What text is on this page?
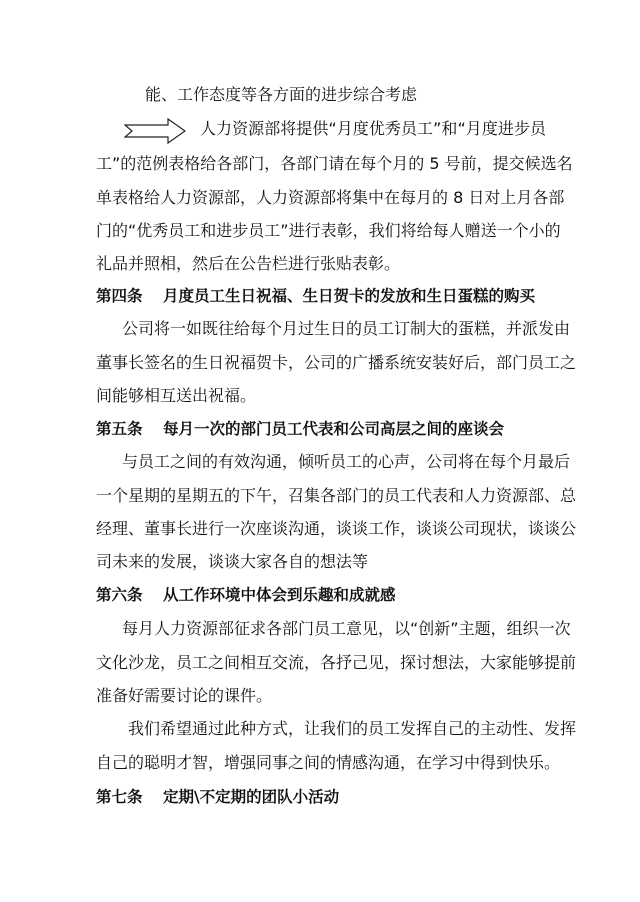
能、工作态度等各方面的进步综合考虑
人力资源部将提供“月度优秀员工”和“月度进步员
工”的范例表格给各部门，各部门请在每个月的 5 号前，提交候选名
单表格给人力资源部，人力资源部将集中在每月的 8 日对上月各部
门的“优秀员工和进步员工”进行表彰，我们将给每人赠送一个小的
礼品并照相，然后在公告栏进行张贴表彰。
第四条 月度员工生日祝福、生日贺卡的发放和生日蛋糕的购买
公司将一如既往给每个月过生日的员工订制大的蛋糕，并派发由
董事长签名的生日祝福贺卡，公司的广播系统安装好后，部门员工之
间能够相互送出祝福。
第五条 每月一次的部门员工代表和公司高层之间的座谈会
与员工之间的有效沟通，倾听员工的心声，公司将在每个月最后
一个星期的星期五的下午，召集各部门的员工代表和人力资源部、总
经理、董事长进行一次座谈沟通，谈谈工作，谈谈公司现状，谈谈公
司未来的发展，谈谈大家各自的想法等
第六条 从工作环境中体会到乐趣和成就感
每月人力资源部征求各部门员工意见，以“创新”主题，组织一次
文化沙龙，员工之间相互交流，各抒己见，探讨想法，大家能够提前
准备好需要讨论的课件。
我们希望通过此种方式，让我们的员工发挥自己的主动性、发挥
自己的聪明才智，增强同事之间的情感沟通，在学习中得到快乐。
第七条 定期\不定期的团队小活动
